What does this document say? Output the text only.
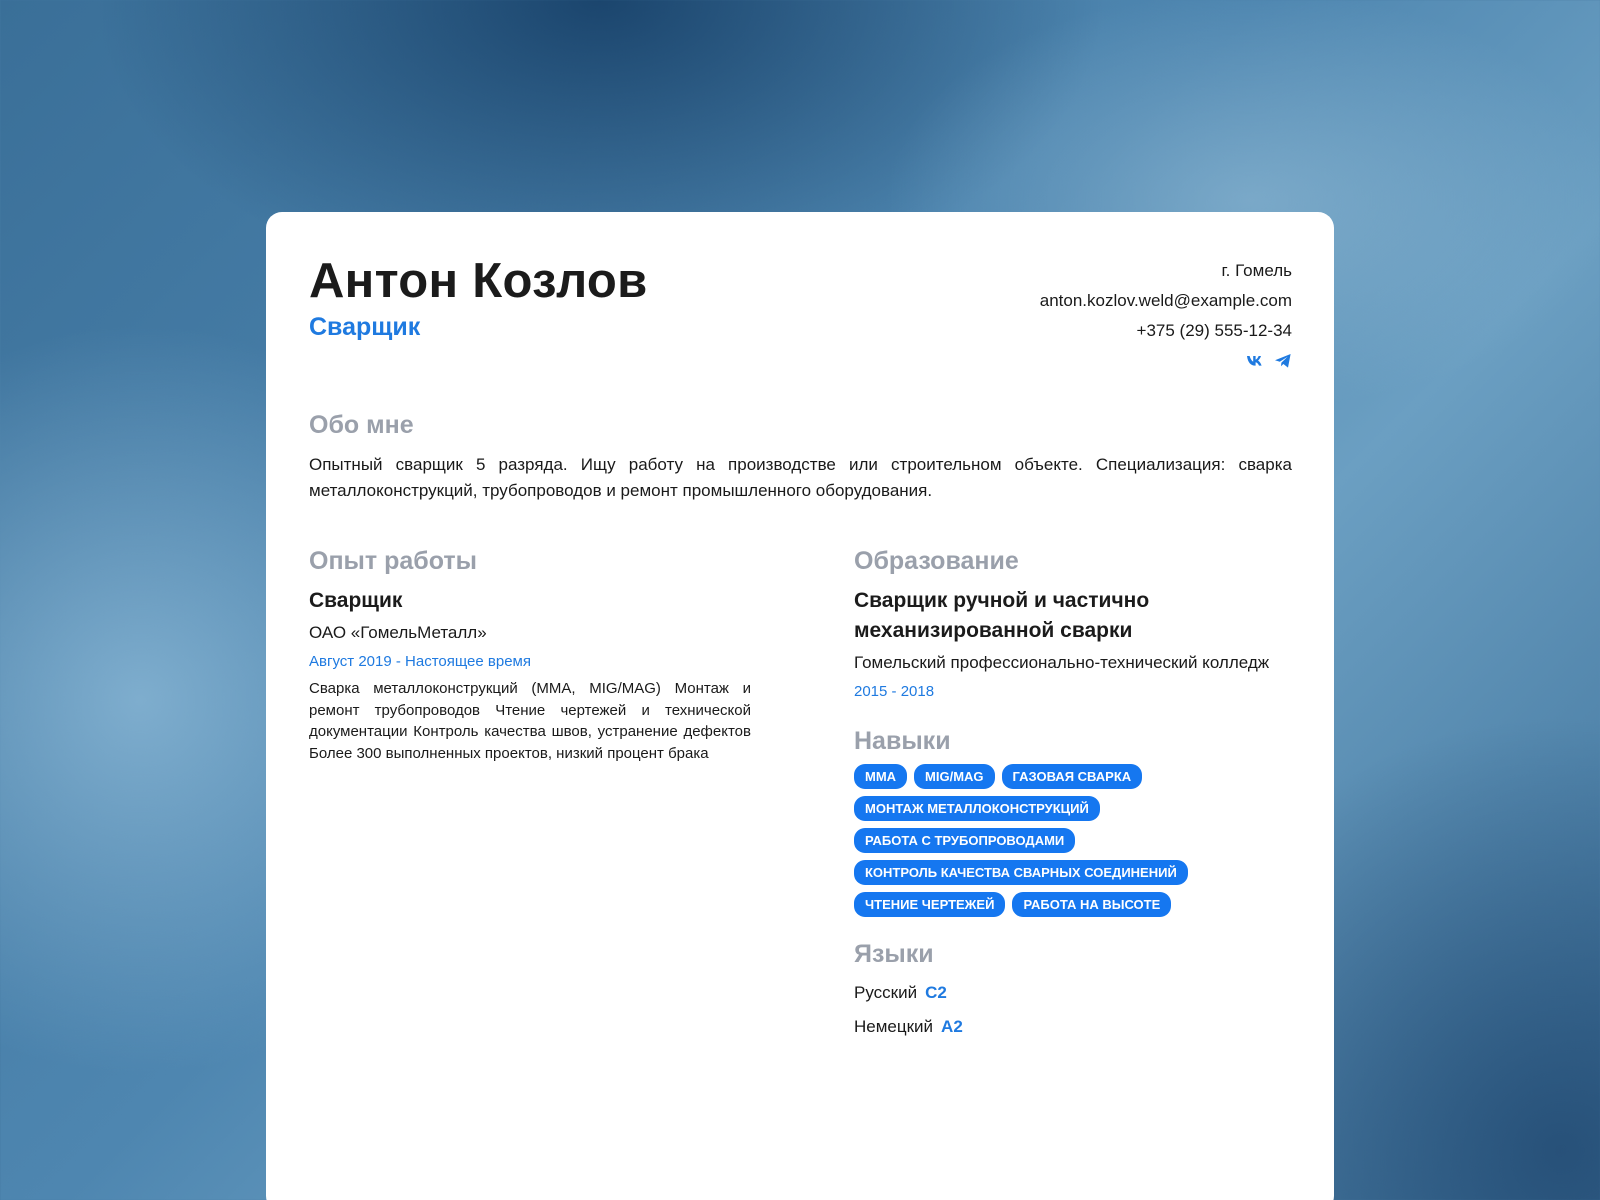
Антон Козлов
Сварщик
г. Гомель
anton.kozlov.weld@example.com
+375 (29) 555-12-34
Обо мне
Опытный сварщик 5 разряда. Ищу работу на производстве или строительном объекте. Специализация: сварка металлоконструкций, трубопроводов и ремонт промышленного оборудования.
Опыт работы
Сварщик
ОАО «ГомельМеталл»
Август 2019 - Настоящее время
Сварка металлоконструкций (MMA, MIG/MAG) Монтаж и ремонт трубопроводов Чтение чертежей и технической документации Контроль качества швов, устранение дефектов Более 300 выполненных проектов, низкий процент брака
Образование
Сварщик ручной и частично механизированной сварки
Гомельский профессионально-технический колледж
2015 - 2018
Навыки
MMA	MIG/MAG	ГАЗОВАЯ СВАРКА
МОНТАЖ МЕТАЛЛОКОНСТРУКЦИЙ
РАБОТА С ТРУБОПРОВОДАМИ
КОНТРОЛЬ КАЧЕСТВА СВАРНЫХ СОЕДИНЕНИЙ
ЧТЕНИЕ ЧЕРТЕЖЕЙ	РАБОТА НА ВЫСОТЕ
Языки
Русский C2
Немецкий A2
